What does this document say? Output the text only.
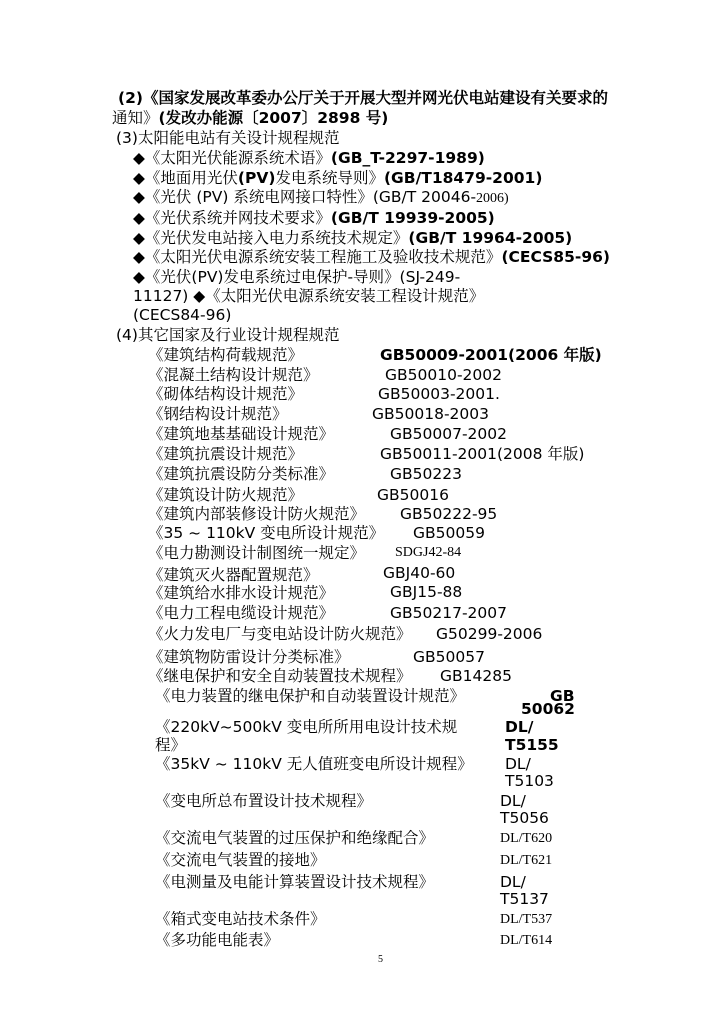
(2)《国家发展改革委办公厅关于开展大型并网光伏电站建设有关要求的
通知》(发改办能源〔2007〕2898 号)
(3)太阳能电站有关设计规程规范
◆《太阳光伏能源系统术语》(GB_T-2297-1989)
◆《地面用光伏(PV)发电系统导则》(GB/T18479-2001)
◆《光伏 (PV) 系统电网接口特性》(GB/T 20046-2006)
◆《光伏系统并网技术要求》(GB/T 19939-2005)
◆《光伏发电站接入电力系统技术规定》(GB/T 19964-2005)
◆《太阳光伏电源系统安装工程施工及验收技术规范》(CECS85-96)
◆《光伏(PV)发电系统过电保护-导则》(SJ-249-
11127) ◆《太阳光伏电源系统安装工程设计规范》
(CECS84-96)
(4)其它国家及行业设计规程规范
《建筑结构荷载规范》	GB50009-2001(2006 年版)
《混凝土结构设计规范》	GB50010-2002
《砌体结构设计规范》	GB50003-2001.
《钢结构设计规范》	GB50018-2003
《建筑地基基础设计规范》	GB50007-2002
《建筑抗震设计规范》	GB50011-2001(2008 年版)
《建筑抗震设防分类标准》	GB50223
《建筑设计防火规范》	GB50016
《建筑内部装修设计防火规范》 GB50222-95
《35 ~ 110kV 变电所设计规范》 GB50059
《电力勘测设计制图统一规定》 SDGJ42-84
《建筑灭火器配置规范》	GBJ40-60
《建筑给水排水设计规范》	GBJ15-88
《电力工程电缆设计规范》	GB50217-2007
《火力发电厂与变电站设计防火规范》 G50299-2006
《建筑物防雷设计分类标准》	GB50057
《继电保护和安全自动装置技术规程》 GB14285
《电力装置的继电保护和自动装置设计规范》	GB
50062
《220kV~500kV 变电所所用电设计技术规
程》
DL/
T5155
《35kV ~ 110kV 无人值班变电所设计规程》 DL/
T5103
《变电所总布置设计技术规程》	DL/
T5056
《交流电气装置的过压保护和绝缘配合》	DL/T620
《交流电气装置的接地》	DL/T621
《电测量及电能计算装置设计技术规程》	DL/
T5137
《箱式变电站技术条件》	DL/T537
《多功能电能表》	DL/T614
5
